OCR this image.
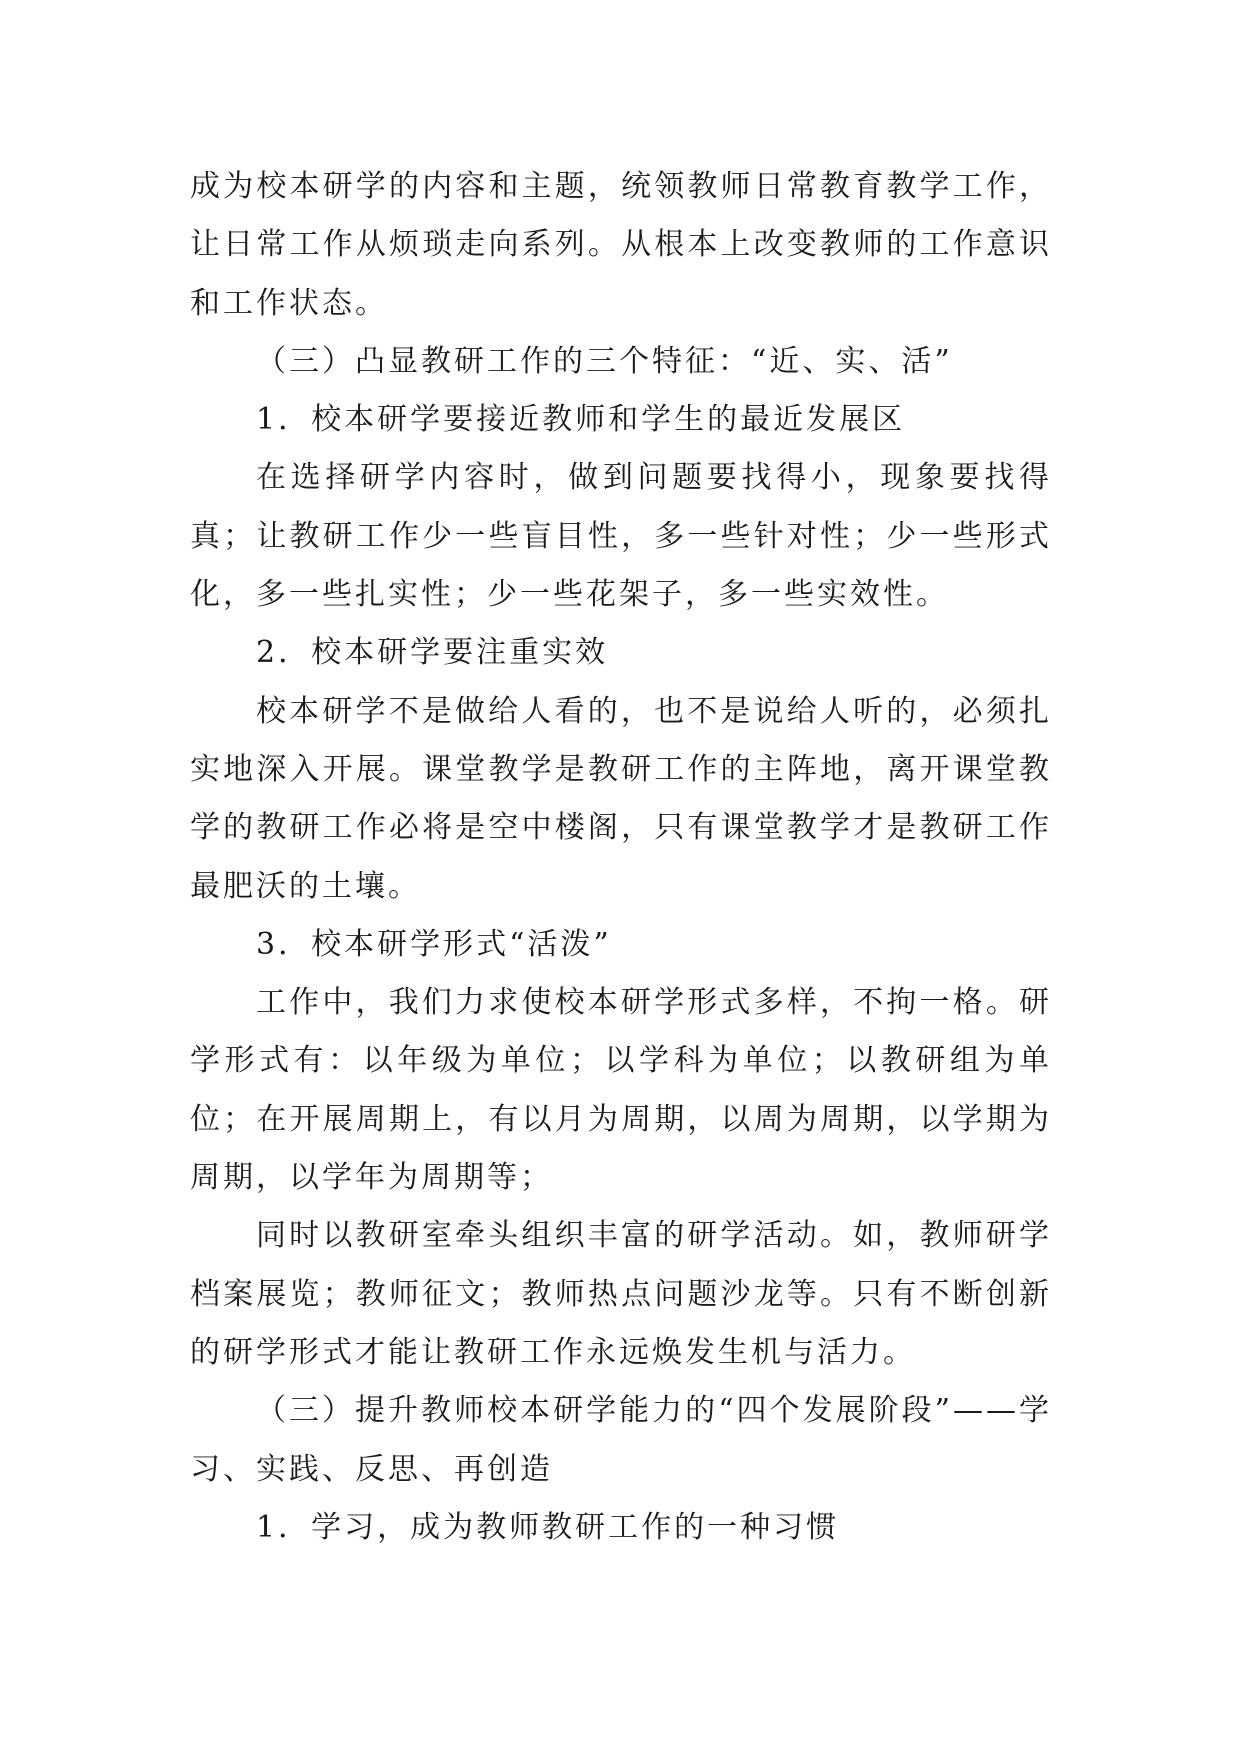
成为校本研学的内容和主题，统领教师日常教育教学工作，让日常工作从烦琐走向系列。从根本上改变教师的工作意识和工作状态。

（三）凸显教研工作的三个特征：“近、实、活”

1．校本研学要接近教师和学生的最近发展区

在选择研学内容时，做到问题要找得小，现象要找得真；让教研工作少一些盲目性，多一些针对性；少一些形式化，多一些扎实性；少一些花架子，多一些实效性。

2．校本研学要注重实效

校本研学不是做给人看的，也不是说给人听的，必须扎实地深入开展。课堂教学是教研工作的主阵地，离开课堂教学的教研工作必将是空中楼阁，只有课堂教学才是教研工作最肥沃的土壤。

3．校本研学形式“活泼”

工作中，我们力求使校本研学形式多样，不拘一格。研学形式有：以年级为单位；以学科为单位；以教研组为单位；在开展周期上，有以月为周期，以周为周期，以学期为周期，以学年为周期等；

同时以教研室牵头组织丰富的研学活动。如，教师研学档案展览；教师征文；教师热点问题沙龙等。只有不断创新的研学形式才能让教研工作永远焕发生机与活力。

（三）提升教师校本研学能力的“四个发展阶段”——学习、实践、反思、再创造

1．学习，成为教师教研工作的一种习惯
